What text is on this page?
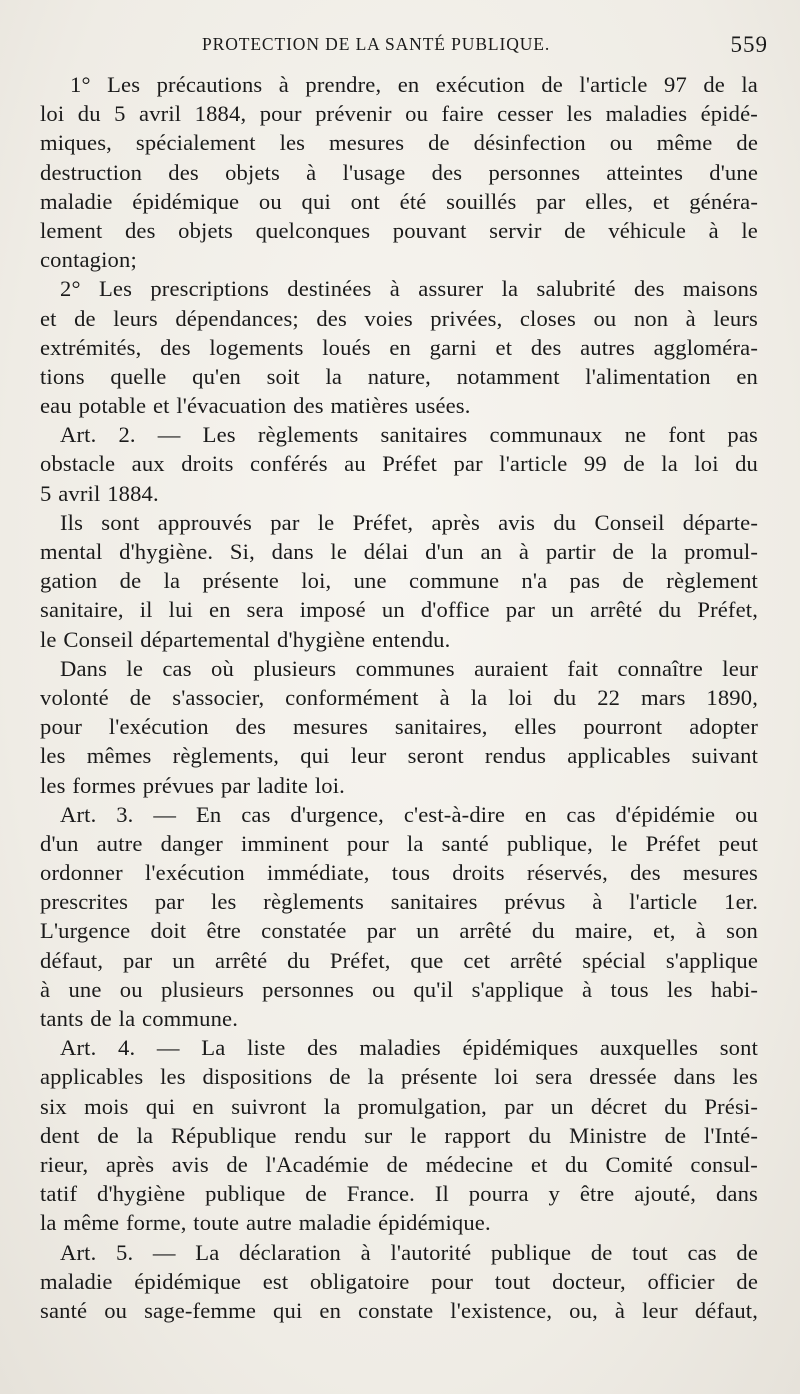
PROTECTION DE LA SANTÉ PUBLIQUE.	559

1° Les précautions à prendre, en exécution de l'article 97 de la
loi du 5 avril 1884, pour prévenir ou faire cesser les maladies épidé-
miques, spécialement les mesures de désinfection ou même de
destruction des objets à l'usage des personnes atteintes d'une
maladie épidémique ou qui ont été souillés par elles, et généra-
lement des objets quelconques pouvant servir de véhicule à le
contagion;

2° Les prescriptions destinées à assurer la salubrité des maisons
et de leurs dépendances; des voies privées, closes ou non à leurs
extrémités, des logements loués en garni et des autres aggloméra-
tions quelle qu'en soit la nature, notamment l'alimentation en
eau potable et l'évacuation des matières usées.

Art. 2. — Les règlements sanitaires communaux ne font pas
obstacle aux droits conférés au Préfet par l'article 99 de la loi du
5 avril 1884.

Ils sont approuvés par le Préfet, après avis du Conseil départe-
mental d'hygiène. Si, dans le délai d'un an à partir de la promul-
gation de la présente loi, une commune n'a pas de règlement
sanitaire, il lui en sera imposé un d'office par un arrêté du Préfet,
le Conseil départemental d'hygiène entendu.

Dans le cas où plusieurs communes auraient fait connaître leur
volonté de s'associer, conformément à la loi du 22 mars 1890,
pour l'exécution des mesures sanitaires, elles pourront adopter
les mêmes règlements, qui leur seront rendus applicables suivant
les formes prévues par ladite loi.

Art. 3. — En cas d'urgence, c'est-à-dire en cas d'épidémie ou
d'un autre danger imminent pour la santé publique, le Préfet peut
ordonner l'exécution immédiate, tous droits réservés, des mesures
prescrites par les règlements sanitaires prévus à l'article 1er.
L'urgence doit être constatée par un arrêté du maire, et, à son
défaut, par un arrêté du Préfet, que cet arrêté spécial s'applique
à une ou plusieurs personnes ou qu'il s'applique à tous les habi-
tants de la commune.

Art. 4. — La liste des maladies épidémiques auxquelles sont
applicables les dispositions de la présente loi sera dressée dans les
six mois qui en suivront la promulgation, par un décret du Prési-
dent de la République rendu sur le rapport du Ministre de l'Inté-
rieur, après avis de l'Académie de médecine et du Comité consul-
tatif d'hygiène publique de France. Il pourra y être ajouté, dans
la même forme, toute autre maladie épidémique.

Art. 5. — La déclaration à l'autorité publique de tout cas de
maladie épidémique est obligatoire pour tout docteur, officier de
santé ou sage-femme qui en constate l'existence, ou, à leur défaut,
